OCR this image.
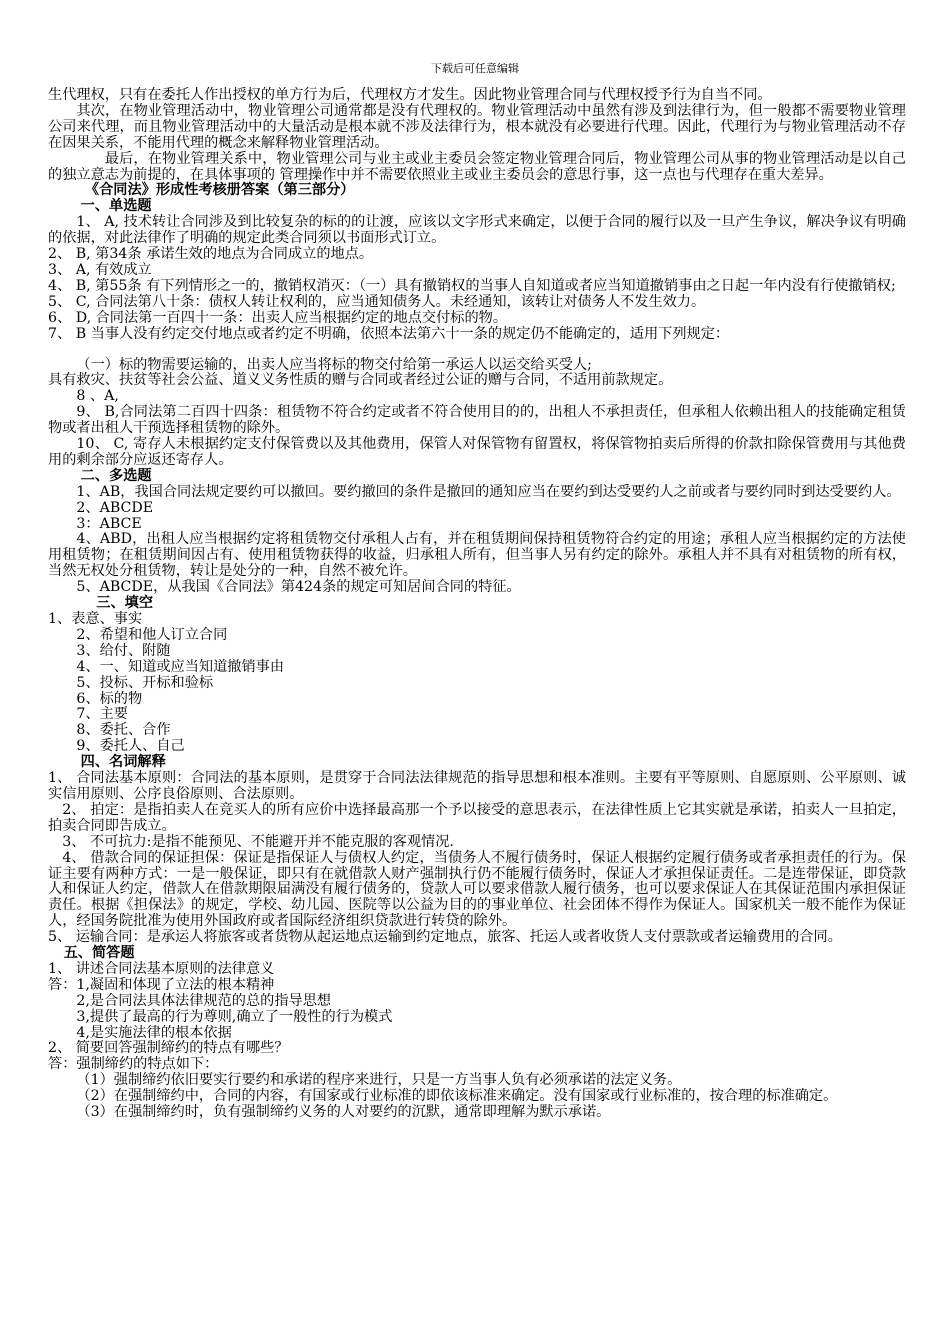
下载后可任意编辑

生代理权，只有在委托人作出授权的单方行为后，代理权方才发生。因此物业管理合同与代理权授予行为自当不同。

其次，在物业管理活动中，物业管理公司通常都是没有代理权的。物业管理活动中虽然有涉及到法律行为，但一般都不需要物业管理公司来代理，而且物业管理活动中的大量活动是根本就不涉及法律行为，根本就没有必要进行代理。因此，代理行为与物业管理活动不存在因果关系，不能用代理的概念来解释物业管理活动。

最后，在物业管理关系中，物业管理公司与业主或业主委员会签定物业管理合同后，物业管理公司从事的物业管理活动是以自己的独立意志为前提的，在具体事项的 管理操作中并不需要依照业主或业主委员会的意思行事，这一点也与代理存在重大差异。

《合同法》形成性考核册答案（第三部分）

一、单选题

1、 A, 技术转让合同涉及到比较复杂的标的的让渡，应该以文字形式来确定，以便于合同的履行以及一旦产生争议，解决争议有明确的依据，对此法律作了明确的规定此类合同须以书面形式订立。

2、 B, 第34条 承诺生效的地点为合同成立的地点。

3、 A, 有效成立

4、 B, 第55条 有下列情形之一的，撤销权消灭：（一）具有撤销权的当事人自知道或者应当知道撤销事由之日起一年内没有行使撤销权;

5、 C, 合同法第八十条：债权人转让权利的，应当通知债务人。未经通知，该转让对债务人不发生效力。

6、 D, 合同法第一百四十一条：出卖人应当根据约定的地点交付标的物。

7、 B 当事人没有约定交付地点或者约定不明确，依照本法第六十一条的规定仍不能确定的，适用下列规定：

（一）标的物需要运输的，出卖人应当将标的物交付给第一承运人以运交给买受人;

具有救灾、扶贫等社会公益、道义义务性质的赠与合同或者经过公证的赠与合同，不适用前款规定。

8 、A,

9、 B,合同法第二百四十四条：租赁物不符合约定或者不符合使用目的的，出租人不承担责任，但承租人依赖出租人的技能确定租赁物或者出租人干预选择租赁物的除外。

10、 C, 寄存人未根据约定支付保管费以及其他费用，保管人对保管物有留置权，将保管物拍卖后所得的价款扣除保管费用与其他费用的剩余部分应返还寄存人。

二、多选题

1、AB，我国合同法规定要约可以撤回。要约撤回的条件是撤回的通知应当在要约到达受要约人之前或者与要约同时到达受要约人。

2、ABCDE

3：ABCE

4、ABD，出租人应当根据约定将租赁物交付承租人占有，并在租赁期间保持租赁物符合约定的用途；承租人应当根据约定的方法使用租赁物；在租赁期间因占有、使用租赁物获得的收益，归承租人所有，但当事人另有约定的除外。承租人并不具有对租赁物的所有权，当然无权处分租赁物，转让是处分的一种，自然不被允许。

5、ABCDE，从我国《合同法》第424条的规定可知居间合同的特征。

三、填空

1、表意、事实

2、希望和他人订立合同

3、给付、附随

4、一、知道或应当知道撤销事由

5、投标、开标和验标

6、标的物

7、主要

8、委托、合作

9、委托人、自己

四、名词解释

1、 合同法基本原则：合同法的基本原则，是贯穿于合同法法律规范的指导思想和根本准则。主要有平等原则、自愿原则、公平原则、诚实信用原则、公序良俗原则、合法原则。

2、 拍定：是指拍卖人在竞买人的所有应价中选择最高那一个予以接受的意思表示，在法律性质上它其实就是承诺，拍卖人一旦拍定，拍卖合同即告成立。

3、 不可抗力:是指不能预见、不能避开并不能克服的客观情况.

4、 借款合同的保证担保：保证是指保证人与债权人约定，当债务人不履行债务时，保证人根据约定履行债务或者承担责任的行为。保证主要有两种方式：一是一般保证，即只有在就借款人财产强制执行仍不能履行债务时，保证人才承担保证责任。二是连带保证，即贷款人和保证人约定，借款人在借款期限届满没有履行债务的，贷款人可以要求借款人履行债务，也可以要求保证人在其保证范围内承担保证责任。根据《担保法》的规定，学校、幼儿园、医院等以公益为目的的事业单位、社会团体不得作为保证人。国家机关一般不能作为保证人，经国务院批准为使用外国政府或者国际经济组织贷款进行转贷的除外。

5、 运输合同：是承运人将旅客或者货物从起运地点运输到约定地点，旅客、托运人或者收货人支付票款或者运输费用的合同。

五、简答题

1、 讲述合同法基本原则的法律意义

答：1,凝固和体现了立法的根本精神

2,是合同法具体法律规范的总的指导思想

3,提供了最高的行为尊则,确立了一般性的行为模式

4,是实施法律的根本依据

2、 简要回答强制缔约的特点有哪些？

答：强制缔约的特点如下：

（1）强制缔约依旧要实行要约和承诺的程序来进行，只是一方当事人负有必须承诺的法定义务。

（2）在强制缔约中，合同的内容，有国家或行业标准的即依该标准来确定。没有国家或行业标准的，按合理的标准确定。

（3）在强制缔约时，负有强制缔约义务的人对要约的沉默，通常即理解为默示承诺。
